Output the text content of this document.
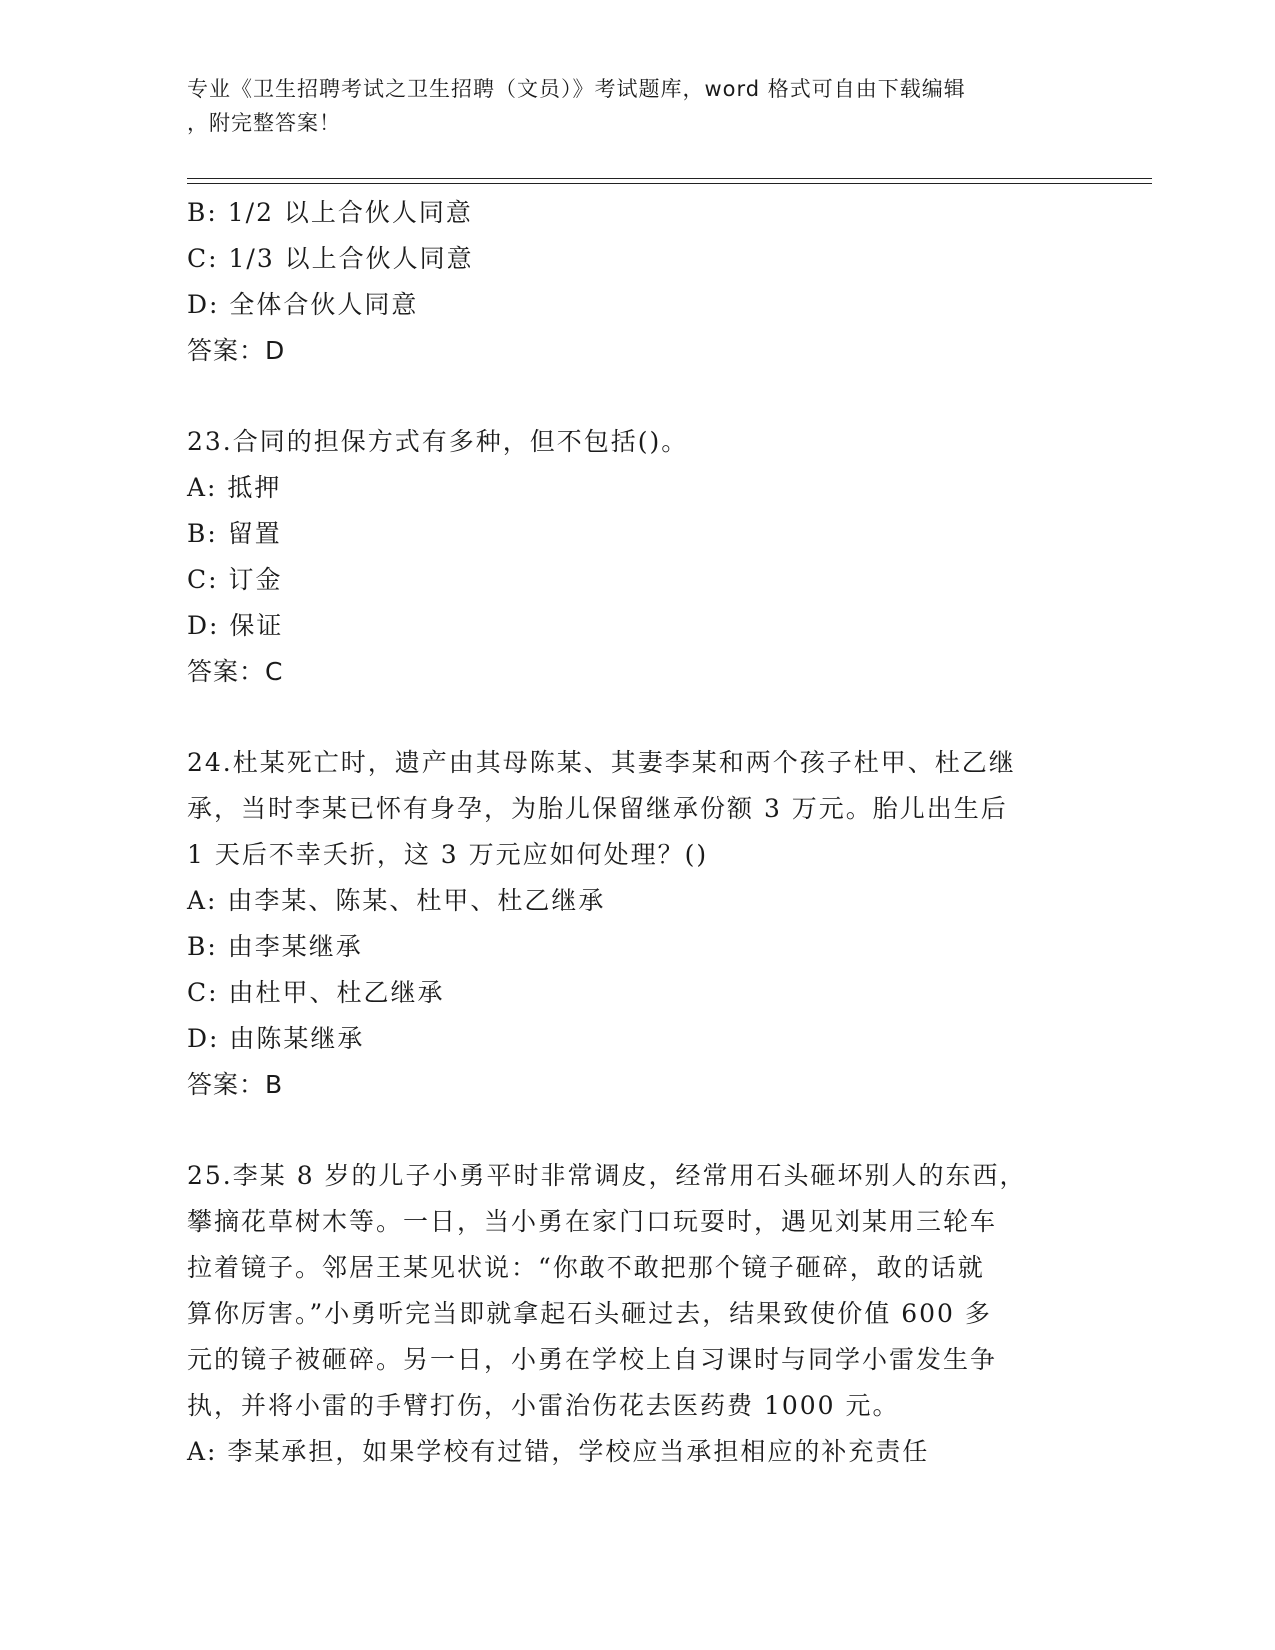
专业《卫生招聘考试之卫生招聘（文员）》考试题库，word 格式可自由下载编辑
，附完整答案！
B: 1/2 以上合伙人同意
C: 1/3 以上合伙人同意
D: 全体合伙人同意
答案：D
23.合同的担保方式有多种，但不包括()。
A: 抵押
B: 留置
C: 订金
D: 保证
答案：C
24.杜某死亡时，遗产由其母陈某、其妻李某和两个孩子杜甲、杜乙继
承，当时李某已怀有身孕，为胎儿保留继承份额 3 万元。胎儿出生后
1 天后不幸夭折，这 3 万元应如何处理？()
A: 由李某、陈某、杜甲、杜乙继承
B: 由李某继承
C: 由杜甲、杜乙继承
D: 由陈某继承
答案：B
25.李某 8 岁的儿子小勇平时非常调皮，经常用石头砸坏别人的东西，
攀摘花草树木等。一日，当小勇在家门口玩耍时，遇见刘某用三轮车
拉着镜子。邻居王某见状说：“你敢不敢把那个镜子砸碎，敢的话就
算你厉害。”小勇听完当即就拿起石头砸过去，结果致使价值 600 多
元的镜子被砸碎。另一日，小勇在学校上自习课时与同学小雷发生争
执，并将小雷的手臂打伤，小雷治伤花去医药费 1000 元。
A: 李某承担，如果学校有过错，学校应当承担相应的补充责任
